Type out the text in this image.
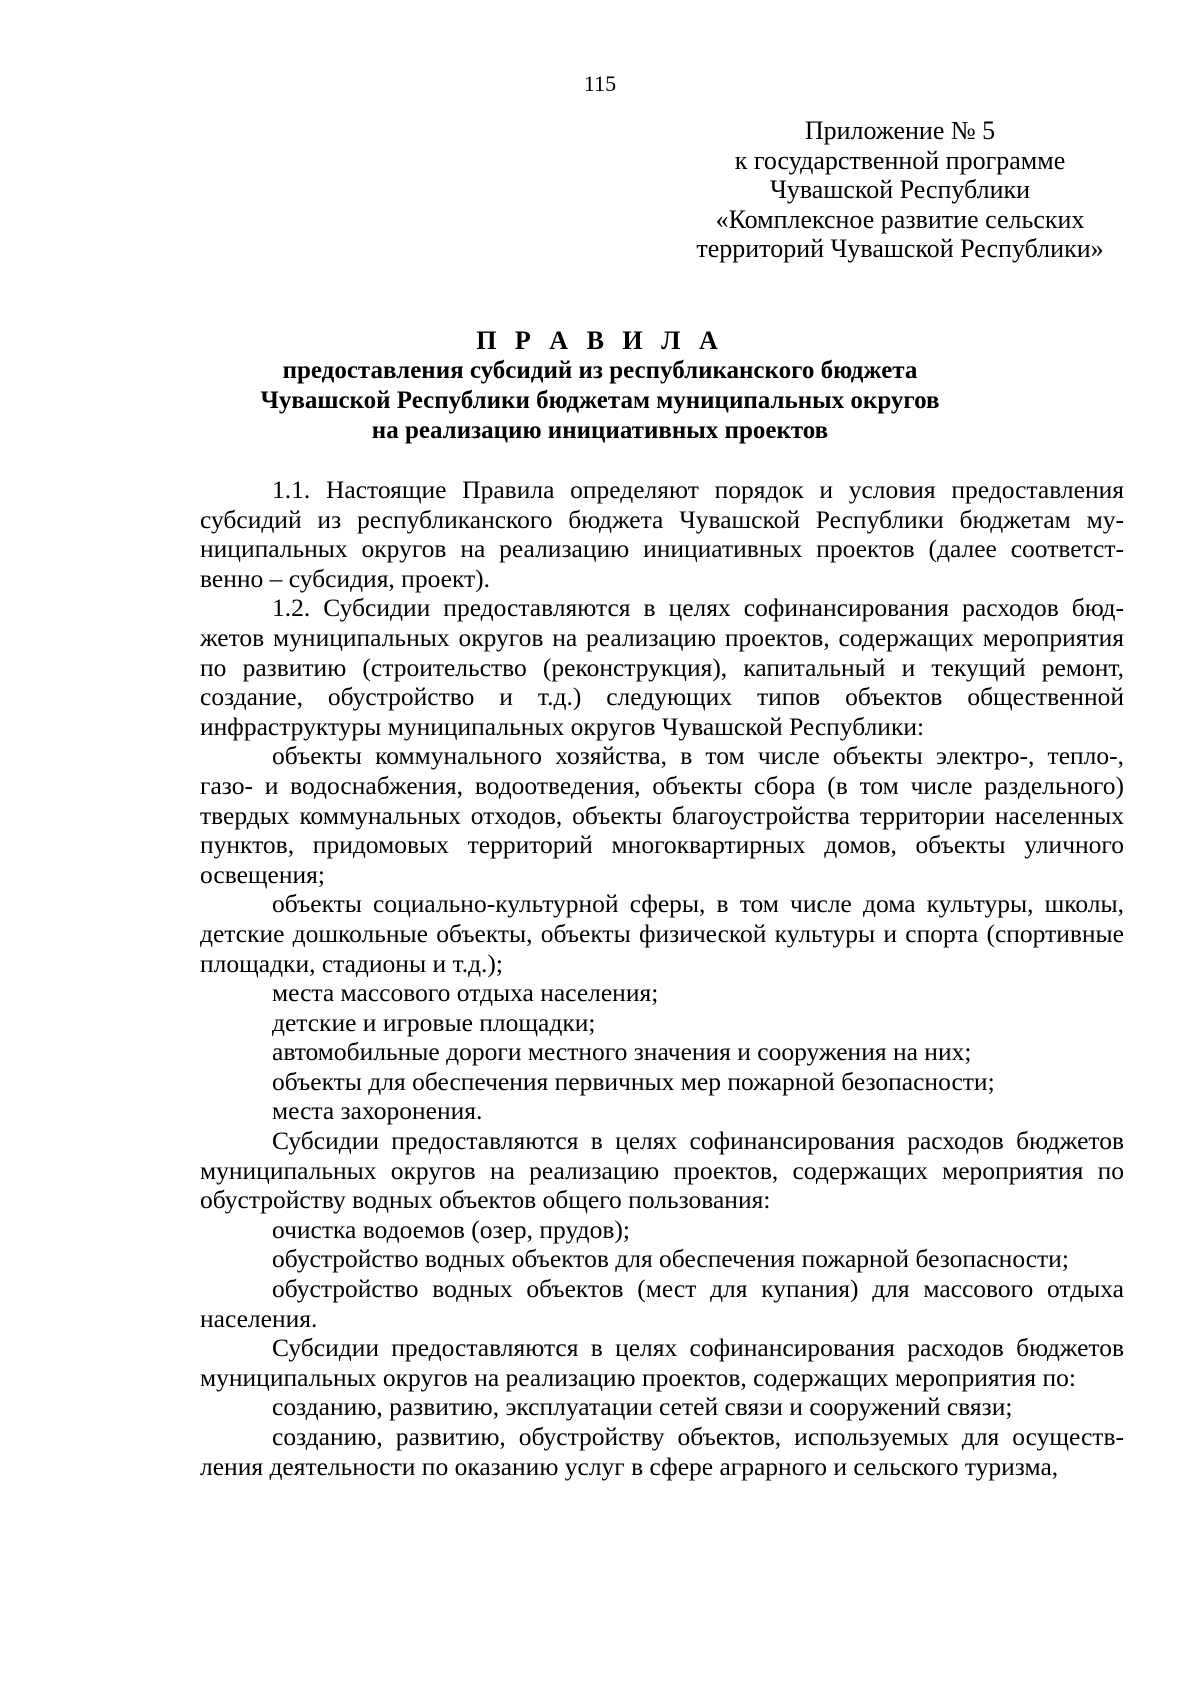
115
Приложение № 5
к государственной программе
Чувашской Республики
«Комплексное развитие сельских
территорий Чувашской Республики»
П Р А В И Л А
предоставления субсидий из республиканского бюджета
Чувашской Республики бюджетам муниципальных округов
на реализацию инициативных проектов

1.1. Настоящие Правила определяют порядок и условия предоставления субсидий из республиканского бюджета Чувашской Республики бюджетам муниципальных округов на реализацию инициативных проектов (далее соответственно – субсидия, проект).

1.2. Субсидии предоставляются в целях софинансирования расходов бюджетов муниципальных округов на реализацию проектов, содержащих мероприятия по развитию (строительство (реконструкция), капитальный и текущий ремонт, создание, обустройство и т.д.) следующих типов объектов общественной инфраструктуры муниципальных округов Чувашской Республики:

объекты коммунального хозяйства, в том числе объекты электро-, тепло-, газо- и водоснабжения, водоотведения, объекты сбора (в том числе раздельного) твердых коммунальных отходов, объекты благоустройства территории населенных пунктов, придомовых территорий многоквартирных домов, объекты уличного освещения;

объекты социально-культурной сферы, в том числе дома культуры, школы, детские дошкольные объекты, объекты физической культуры и спорта (спортивные площадки, стадионы и т.д.);

места массового отдыха населения;

детские и игровые площадки;

автомобильные дороги местного значения и сооружения на них;

объекты для обеспечения первичных мер пожарной безопасности;

места захоронения.

Субсидии предоставляются в целях софинансирования расходов бюджетов муниципальных округов на реализацию проектов, содержащих мероприятия по обустройству водных объектов общего пользования:

очистка водоемов (озер, прудов);

обустройство водных объектов для обеспечения пожарной безопасности;

обустройство водных объектов (мест для купания) для массового отдыха населения.

Субсидии предоставляются в целях софинансирования расходов бюджетов муниципальных округов на реализацию проектов, содержащих мероприятия по:

созданию, развитию, эксплуатации сетей связи и сооружений связи;

созданию, развитию, обустройству объектов, используемых для осуществления деятельности по оказанию услуг в сфере аграрного и сельского туризма,
